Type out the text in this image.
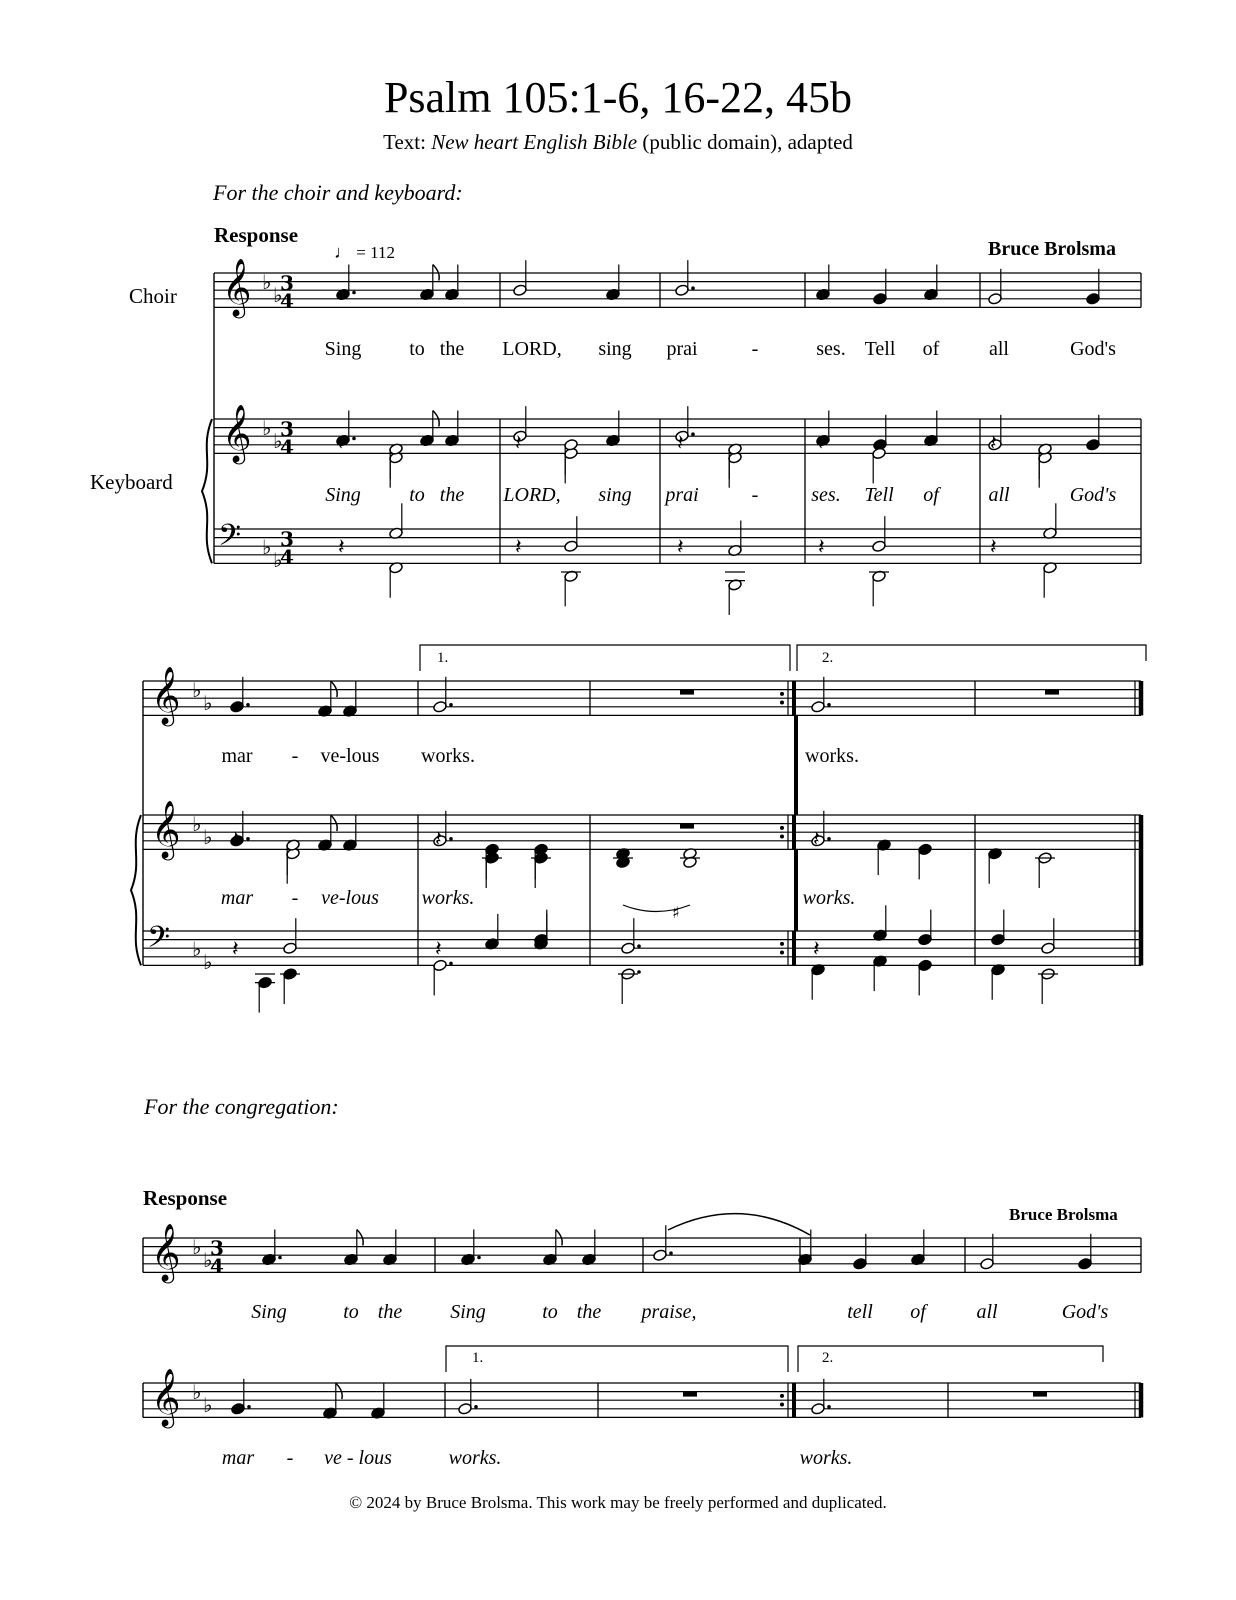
Psalm 105:1-6, 16-22, 45b
Text: New heart English Bible (public domain), adapted
For the choir and keyboard:
Response
♩ = 112	Bruce Brolsma
Choir
Keyboard
Sing to the LORD, sing prai	-	ses. Tell of all	God's
Sing to the LORD, sing prai	-	ses. Tell of all	God's
mar - ve-lous works.	works.
mar - ve-lous works.	works.
1.	2.
For the congregation:
Response
Bruce Brolsma
Sing	to the Sing	to the praise,	tell of	all	God's
mar - ve - lous	works.	works.
1.	2.
© 2024 by Bruce Brolsma. This work may be freely performed and duplicated.
𝄞 ♭
♭
3
4
𝄞 ♭
♭
3
4
𝄢 ♭
♭
3
4
𝄽	𝄽	𝄽	𝄽	𝄽
𝄽	𝄽	𝄽	𝄽	𝄽
𝄞 ♭
♭
𝄞 ♭
♭
𝄢 ♭
♭
𝄽	𝄽	𝄽
♯
𝄽	𝄽	𝄽
𝄞 ♭
♭
3
4
𝄞 ♭
♭
